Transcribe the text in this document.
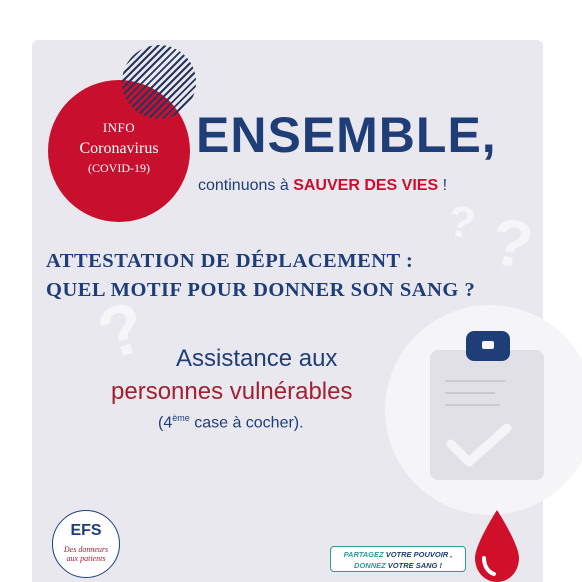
? ?
?
INFO
Coronavirus
(COVID-19)
ENSEMBLE,
continuons à SAUVER DES VIES !
ATTESTATION DE DÉPLACEMENT :
QUEL MOTIF POUR DONNER SON SANG ?
Assistance aux
personnes vulnérables
(4ème case à cocher).
EFS
Des donneurs
aux patients	PARTAGEZ VOTRE POUVOIR ,
DONNEZ VOTRE SANG !
